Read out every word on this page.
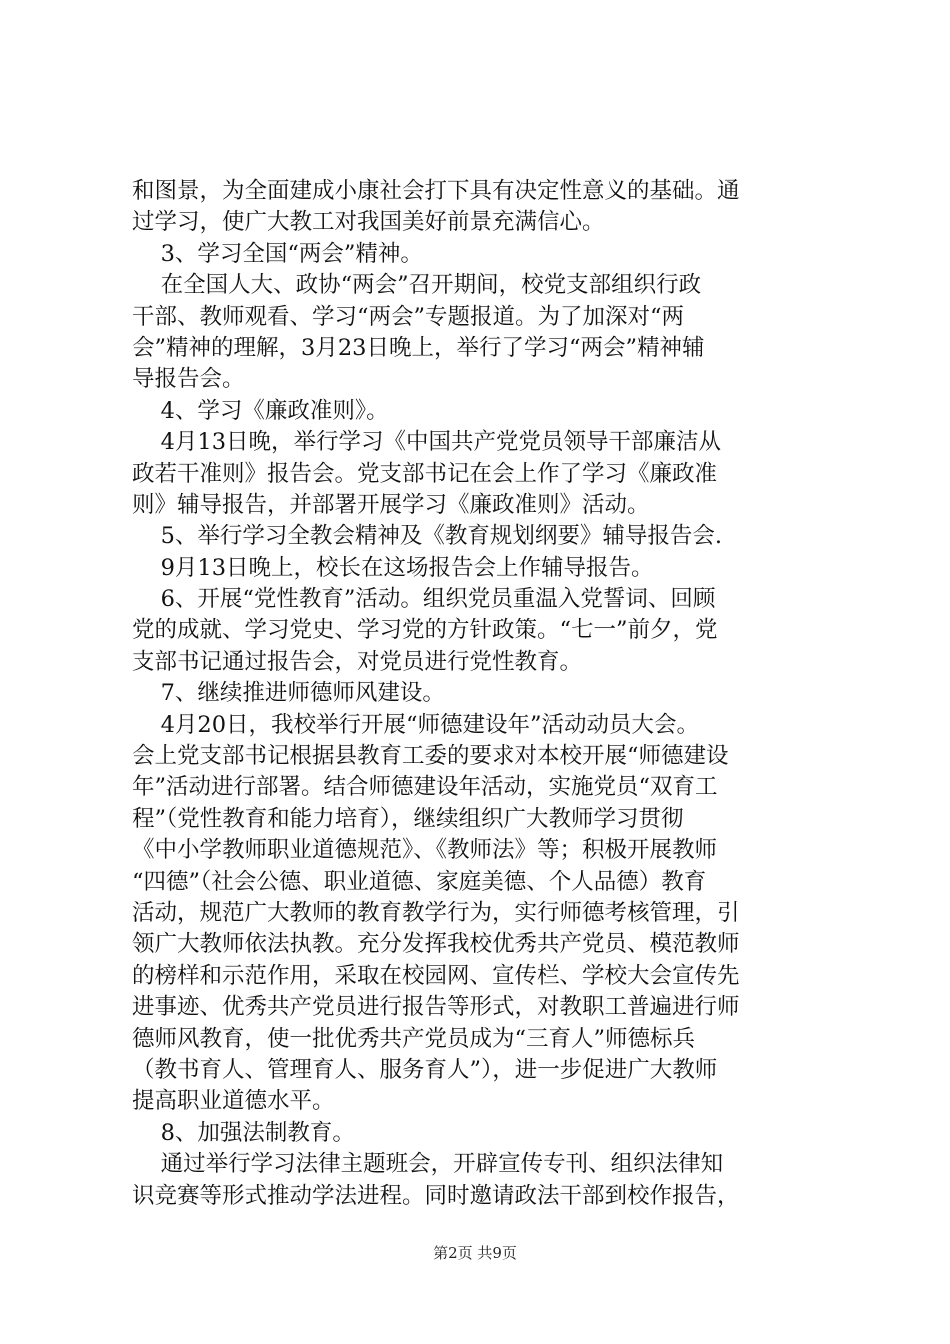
和图景，为全面建成小康社会打下具有决定性意义的基础。通
过学习，使广大教工对我国美好前景充满信心。
3、学习全国“两会”精神。
在全国人大、政协“两会”召开期间，校党支部组织行政
干部、教师观看、学习“两会”专题报道。为了加深对“两
会”精神的理解，3月23日晚上，举行了学习“两会”精神辅
导报告会。
4、学习《廉政准则》。
4月13日晚，举行学习《中国共产党党员领导干部廉洁从
政若干准则》报告会。党支部书记在会上作了学习《廉政准
则》辅导报告，并部署开展学习《廉政准则》活动。
5、举行学习全教会精神及《教育规划纲要》辅导报告会.
9月13日晚上，校长在这场报告会上作辅导报告。
6、开展“党性教育”活动。组织党员重温入党誓词、回顾
党的成就、学习党史、学习党的方针政策。“七一”前夕，党
支部书记通过报告会，对党员进行党性教育。
7、继续推进师德师风建设。
4月20日，我校举行开展“师德建设年”活动动员大会。
会上党支部书记根据县教育工委的要求对本校开展“师德建设
年”活动进行部署。结合师德建设年活动，实施党员“双育工
程”（党性教育和能力培育），继续组织广大教师学习贯彻
《中小学教师职业道德规范》、《教师法》等；积极开展教师
“四德”（社会公德、职业道德、家庭美德、个人品德）教育
活动，规范广大教师的教育教学行为，实行师德考核管理，引
领广大教师依法执教。充分发挥我校优秀共产党员、模范教师
的榜样和示范作用，采取在校园网、宣传栏、学校大会宣传先
进事迹、优秀共产党员进行报告等形式，对教职工普遍进行师
德师风教育，使一批优秀共产党员成为“三育人”师德标兵
（教书育人、管理育人、服务育人”），进一步促进广大教师
提高职业道德水平。
8、加强法制教育。
通过举行学习法律主题班会，开辟宣传专刊、组织法律知
识竞赛等形式推动学法进程。同时邀请政法干部到校作报告，
第2页 共9页
